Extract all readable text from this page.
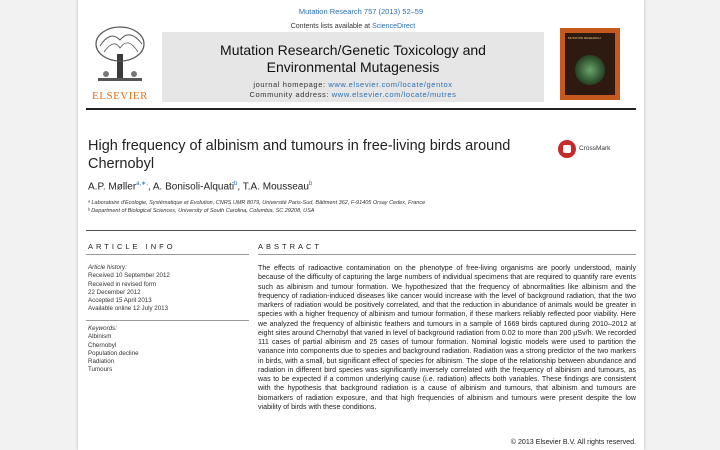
Mutation Research 757 (2013) 52–59
ELSEVIER
Contents lists available at ScienceDirect
Mutation Research/Genetic Toxicology and
Environmental Mutagenesis
journal homepage: www.elsevier.com/locate/gentox
Community address: www.elsevier.com/locate/mutres
MUTATION RESEARCH
High frequency of albinism and tumours in free-living birds around Chernobyl
CrossMark
A.P. Møller$^{a,∗,}$, A. Bonisoli-Alquati$^b$, T.A. Mousseau$^b$
ᵃ Laboratoire d'Ecologie, Systématique et Evolution, CNRS UMR 8079, Université Paris-Sud, Bâtiment 362, F-91405 Orsay Cedex, France
ᵇ Department of Biological Sciences, University of South Carolina, Columbia, SC 29208, USA
ARTICLE INFO	ABSTRACT
Article history:
Received 10 September 2012
Received in revised form
22 December 2012
Accepted 15 April 2013
Available online 12 July 2013
Keywords:
Albinism
Chernobyl
Population decline
Radiation
Tumours

The effects of radioactive contamination on the phenotype of free-living organisms are poorly understood, mainly because of the difficulty of capturing the large numbers of individual specimens that are required to quantify rare events such as albinism and tumour formation. We hypothesized that the frequency of abnormalities like albinism and the frequency of radiation-induced diseases like cancer would increase with the level of background radiation, that the two markers of radiation would be positively correlated, and that the reduction in abundance of animals would be greater in species with a higher frequency of albinism and tumour formation, if these markers reliably reflected poor viability. Here we analyzed the frequency of albinistic feathers and tumours in a sample of 1669 birds captured during 2010–2012 at eight sites around Chernobyl that varied in level of background radiation from 0.02 to more than 200 μSv/h. We recorded 111 cases of partial albinism and 25 cases of tumour formation. Nominal logistic models were used to partition the variance into components due to species and background radiation. Radiation was a strong predictor of the two markers in birds, with a small, but significant effect of species for albinism. The slope of the relationship between abundance and radiation in different bird species was significantly inversely correlated with the frequency of albinism and tumours, as was to be expected if a common underlying cause (i.e. radiation) affects both variables. These findings are consistent with the hypothesis that background radiation is a cause of albinism and tumours, that albinism and tumours are biomarkers of radiation exposure, and that high frequencies of albinism and tumours were present despite the low viability of birds with these conditions.

© 2013 Elsevier B.V. All rights reserved.
